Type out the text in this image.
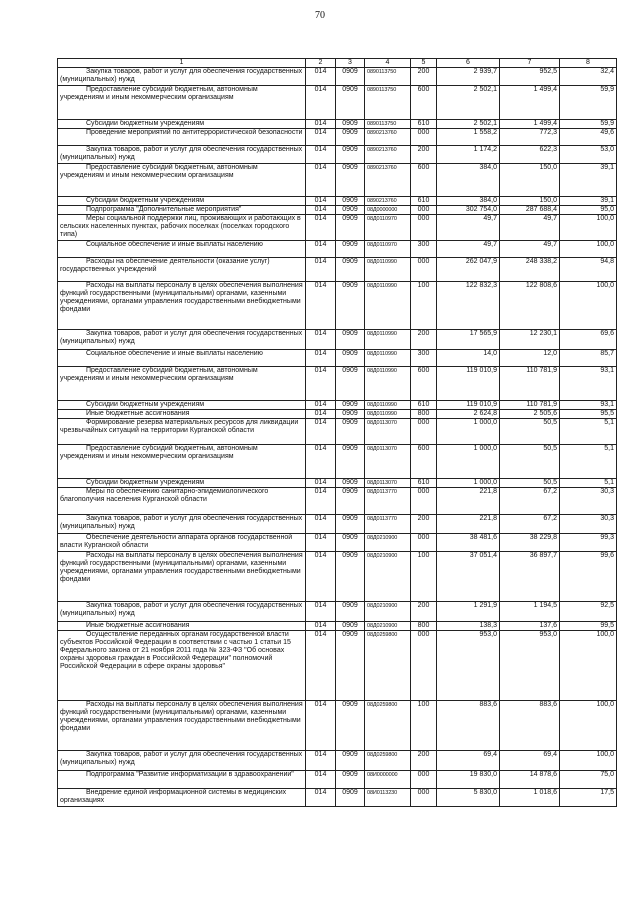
70
1	2	3	4	5	6	7	8

Закупка товаров, работ и услуг для обеспечения государственных (муниципальных) нужд	014	0909	0890113750	200	2 939,7	952,5	32,4

Предоставление субсидий бюджетным, автономным учреждениям и иным некоммерческим организациям	014	0909	0890113750	600	2 502,1	1 499,4	59,9

Субсидии бюджетным учреждениям	014	0909	0890113750	610	2 502,1	1 499,4	59,9

Проведение мероприятий по антитеррористической безопасности	014	0909	0890213760	000	1 558,2	772,3	49,6

Закупка товаров, работ и услуг для обеспечения государственных (муниципальных) нужд	014	0909	0890213760	200	1 174,2	622,3	53,0

Предоставление субсидий бюджетным, автономным учреждениям и иным некоммерческим организациям	014	0909	0890213760	600	384,0	150,0	39,1

Субсидии бюджетным учреждениям	014	0909	0890213760	610	384,0	150,0	39,1

Подпрограмма "Дополнительные мероприятия"	014	0909	08Д0000000	000	302 754,0	287 688,4	95,0

Меры социальной поддержки лиц, проживающих и работающих в сельских населенных пунктах, рабочих поселках (поселках городского типа)	014	0909	08Д0110970	000	49,7	49,7	100,0

Социальное обеспечение и иные выплаты населению	014	0909	08Д0110970	300	49,7	49,7	100,0

Расходы на обеспечение деятельности (оказание услуг) государственных учреждений	014	0909	08Д0110990	000	262 047,9	248 338,2	94,8

Расходы на выплаты персоналу в целях обеспечения выполнения функций государственными (муниципальными) органами, казенными учреждениями, органами управления государственными внебюджетными фондами	014	0909	08Д0110990	100	122 832,3	122 808,6	100,0

Закупка товаров, работ и услуг для обеспечения государственных (муниципальных) нужд	014	0909	08Д0110990	200	17 565,9	12 230,1	69,6

Социальное обеспечение и иные выплаты населению	014	0909	08Д0110990	300	14,0	12,0	85,7

Предоставление субсидий бюджетным, автономным учреждениям и иным некоммерческим организациям	014	0909	08Д0110990	600	119 010,9	110 781,9	93,1

Субсидии бюджетным учреждениям	014	0909	08Д0110990	610	119 010,9	110 781,9	93,1

Иные бюджетные ассигнования	014	0909	08Д0110990	800	2 624,8	2 505,6	95,5

Формирование резерва материальных ресурсов для ликвидации чрезвычайных ситуаций на территории Курганской области	014	0909	08Д0113070	000	1 000,0	50,5	5,1

Предоставление субсидий бюджетным, автономным учреждениям и иным некоммерческим организациям	014	0909	08Д0113070	600	1 000,0	50,5	5,1

Субсидии бюджетным учреждениям	014	0909	08Д0113070	610	1 000,0	50,5	5,1

Меры по обеспечению санитарно-эпидемиологического благополучия населения Курганской области	014	0909	08Д0113770	000	221,8	67,2	30,3

Закупка товаров, работ и услуг для обеспечения государственных (муниципальных) нужд	014	0909	08Д0113770	200	221,8	67,2	30,3

Обеспечение деятельности аппарата органов государственной власти Курганской области	014	0909	08Д0210900	000	38 481,6	38 229,8	99,3

Расходы на выплаты персоналу в целях обеспечения выполнения функций государственными (муниципальными) органами, казенными учреждениями, органами управления государственными внебюджетными фондами	014	0909	08Д0210900	100	37 051,4	36 897,7	99,6

Закупка товаров, работ и услуг для обеспечения государственных (муниципальных) нужд	014	0909	08Д0210900	200	1 291,9	1 194,5	92,5

Иные бюджетные ассигнования	014	0909	08Д0210900	800	138,3	137,6	99,5

Осуществление переданных органам государственной власти субъектов Российской Федерации в соответствии с частью 1 статьи 15 Федерального закона от 21 ноября 2011 года № 323-ФЗ "Об основах охраны здоровья граждан в Российской Федерации" полномочий Российской Федерации в сфере охраны здоровья"	014	0909	08Д0259800	000	953,0	953,0	100,0

Расходы на выплаты персоналу в целях обеспечения выполнения функций государственными (муниципальными) органами, казенными учреждениями, органами управления государственными внебюджетными фондами	014	0909	08Д0259800	100	883,6	883,6	100,0

Закупка товаров, работ и услуг для обеспечения государственных (муниципальных) нужд	014	0909	08Д0259800	200	69,4	69,4	100,0

Подпрограмма "Развитие информатизации в здравоохранении"	014	0909	08И0000000	000	19 830,0	14 878,6	75,0

Внедрение единой информационной системы в медицинских организациях	014	0909	08И0113230	000	5 830,0	1 018,6	17,5
